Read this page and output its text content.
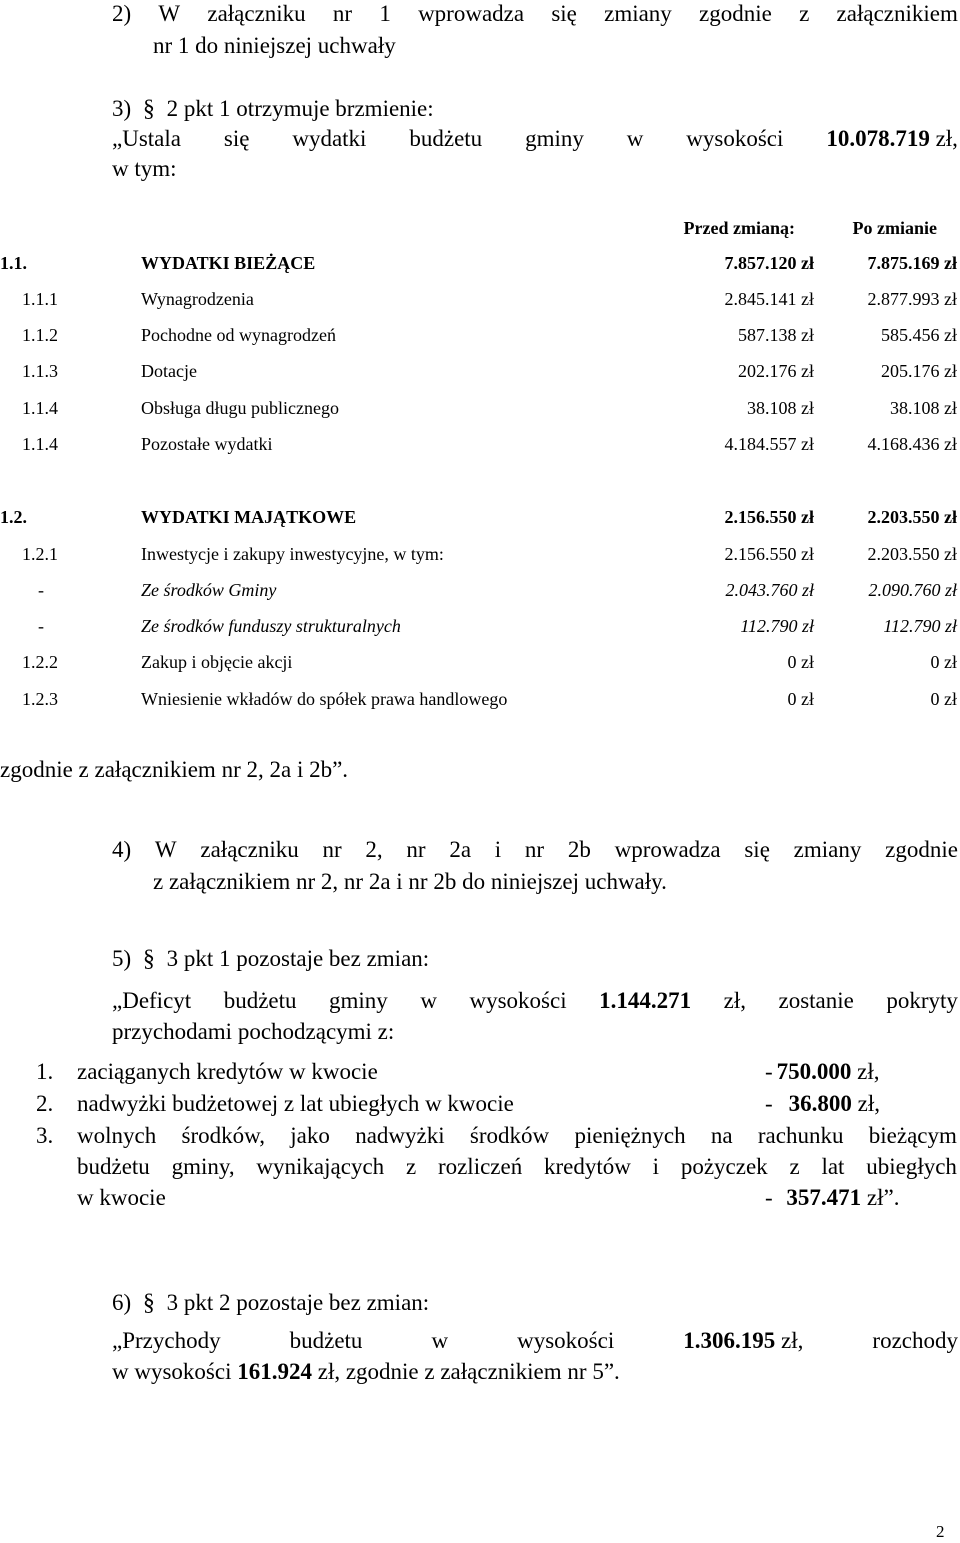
2) W załączniku nr 1 wprowadza się zmiany zgodnie z załącznikiem
nr 1 do niniejszej uchwały
3) § 2 pkt 1 otrzymuje brzmienie:
„Ustala się wydatki budżetu gminy w wysokości 10.078.719 zł,
w tym:
Przed zmianą:	Po zmianie
1.1.	WYDATKI BIEŻĄCE	7.857.120 zł	7.875.169 zł
1.1.1	Wynagrodzenia	2.845.141 zł	2.877.993 zł
1.1.2	Pochodne od wynagrodzeń	587.138 zł	585.456 zł
1.1.3	Dotacje	202.176 zł	205.176 zł
1.1.4	Obsługa długu publicznego	38.108 zł	38.108 zł
1.1.4	Pozostałe wydatki	4.184.557 zł	4.168.436 zł
1.2.	WYDATKI MAJĄTKOWE	2.156.550 zł	2.203.550 zł
1.2.1	Inwestycje i zakupy inwestycyjne, w tym:	2.156.550 zł	2.203.550 zł
-	Ze środków Gminy	2.043.760 zł	2.090.760 zł
-	Ze środków funduszy strukturalnych	112.790 zł	112.790 zł
1.2.2	Zakup i objęcie akcji	0 zł	0 zł
1.2.3	Wniesienie wkładów do spółek prawa handlowego	0 zł	0 zł
zgodnie z załącznikiem nr 2, 2a i 2b”.
4) W załączniku nr 2, nr 2a i nr 2b wprowadza się zmiany zgodnie
z załącznikiem nr 2, nr 2a i nr 2b do niniejszej uchwały.
5) § 3 pkt 1 pozostaje bez zmian:
„Deficyt budżetu gminy w wysokości 1.144.271 zł, zostanie pokryty
przychodami pochodzącymi z:
1. zaciąganych kredytów w kwocie	- 750.000 zł,
2. nadwyżki budżetowej z lat ubiegłych w kwocie	- 36.800 zł,
3. wolnych środków, jako nadwyżki środków pieniężnych na rachunku bieżącym
budżetu gminy, wynikających z rozliczeń kredytów i pożyczek z lat ubiegłych
w kwocie	- 357.471 zł”.
6) § 3 pkt 2 pozostaje bez zmian:
„Przychody	budżetu	w	wysokości	1.306.195 zł,	rozchody
w wysokości 161.924 zł, zgodnie z załącznikiem nr 5”.
2
